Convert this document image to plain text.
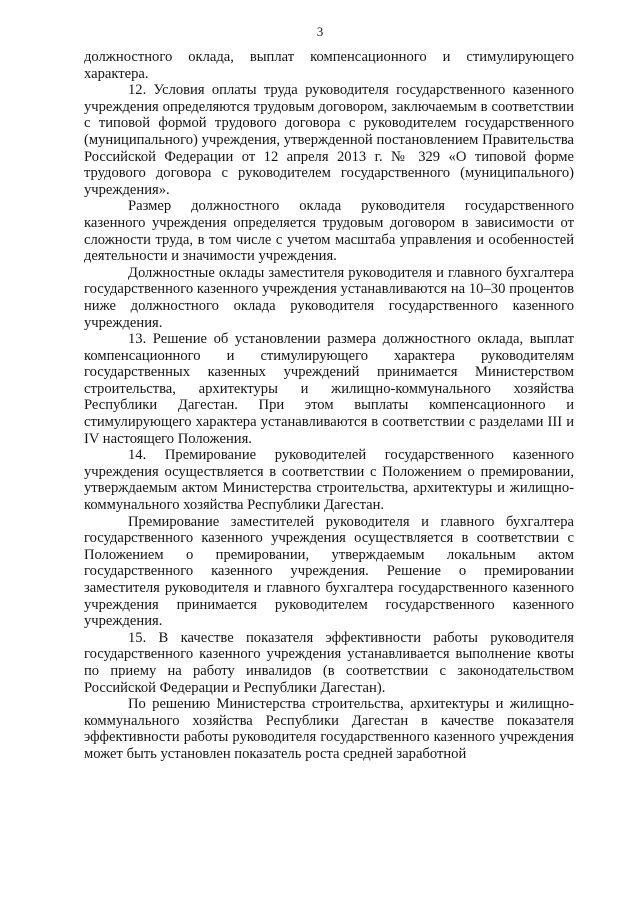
3

должностного оклада, выплат компенсационного и стимулирующего характера.

12. Условия оплаты труда руководителя государственного казенного учреждения определяются трудовым договором, заключаемым в соответствии с типовой формой трудового договора с руководителем государственного (муниципального) учреждения, утвержденной постановлением Правительства Российской Федерации от 12 апреля 2013 г. № 329 «О типовой форме трудового договора с руководителем государственного (муниципального) учреждения».

Размер должностного оклада руководителя государственного казенного учреждения определяется трудовым договором в зависимости от сложности труда, в том числе с учетом масштаба управления и особенностей деятельности и значимости учреждения.

Должностные оклады заместителя руководителя и главного бухгалтера государственного казенного учреждения устанавливаются на 10–30 процентов ниже должностного оклада руководителя государственного казенного учреждения.

13. Решение об установлении размера должностного оклада, выплат компенсационного и стимулирующего характера руководителям государственных казенных учреждений принимается Министерством строительства, архитектуры и жилищно-коммунального хозяйства Республики Дагестан. При этом выплаты компенсационного и стимулирующего характера устанавливаются в соответствии с разделами III и IV настоящего Положения.

14. Премирование руководителей государственного казенного учреждения осуществляется в соответствии с Положением о премировании, утверждаемым актом Министерства строительства, архитектуры и жилищно-коммунального хозяйства Республики Дагестан.

Премирование заместителей руководителя и главного бухгалтера государственного казенного учреждения осуществляется в соответствии с Положением о премировании, утверждаемым локальным актом государственного казенного учреждения. Решение о премировании заместителя руководителя и главного бухгалтера государственного казенного учреждения принимается руководителем государственного казенного учреждения.

15. В качестве показателя эффективности работы руководителя государственного казенного учреждения устанавливается выполнение квоты по приему на работу инвалидов (в соответствии с законодательством Российской Федерации и Республики Дагестан).

По решению Министерства строительства, архитектуры и жилищно-коммунального хозяйства Республики Дагестан в качестве показателя эффективности работы руководителя государственного казенного учреждения может быть установлен показатель роста средней заработной
